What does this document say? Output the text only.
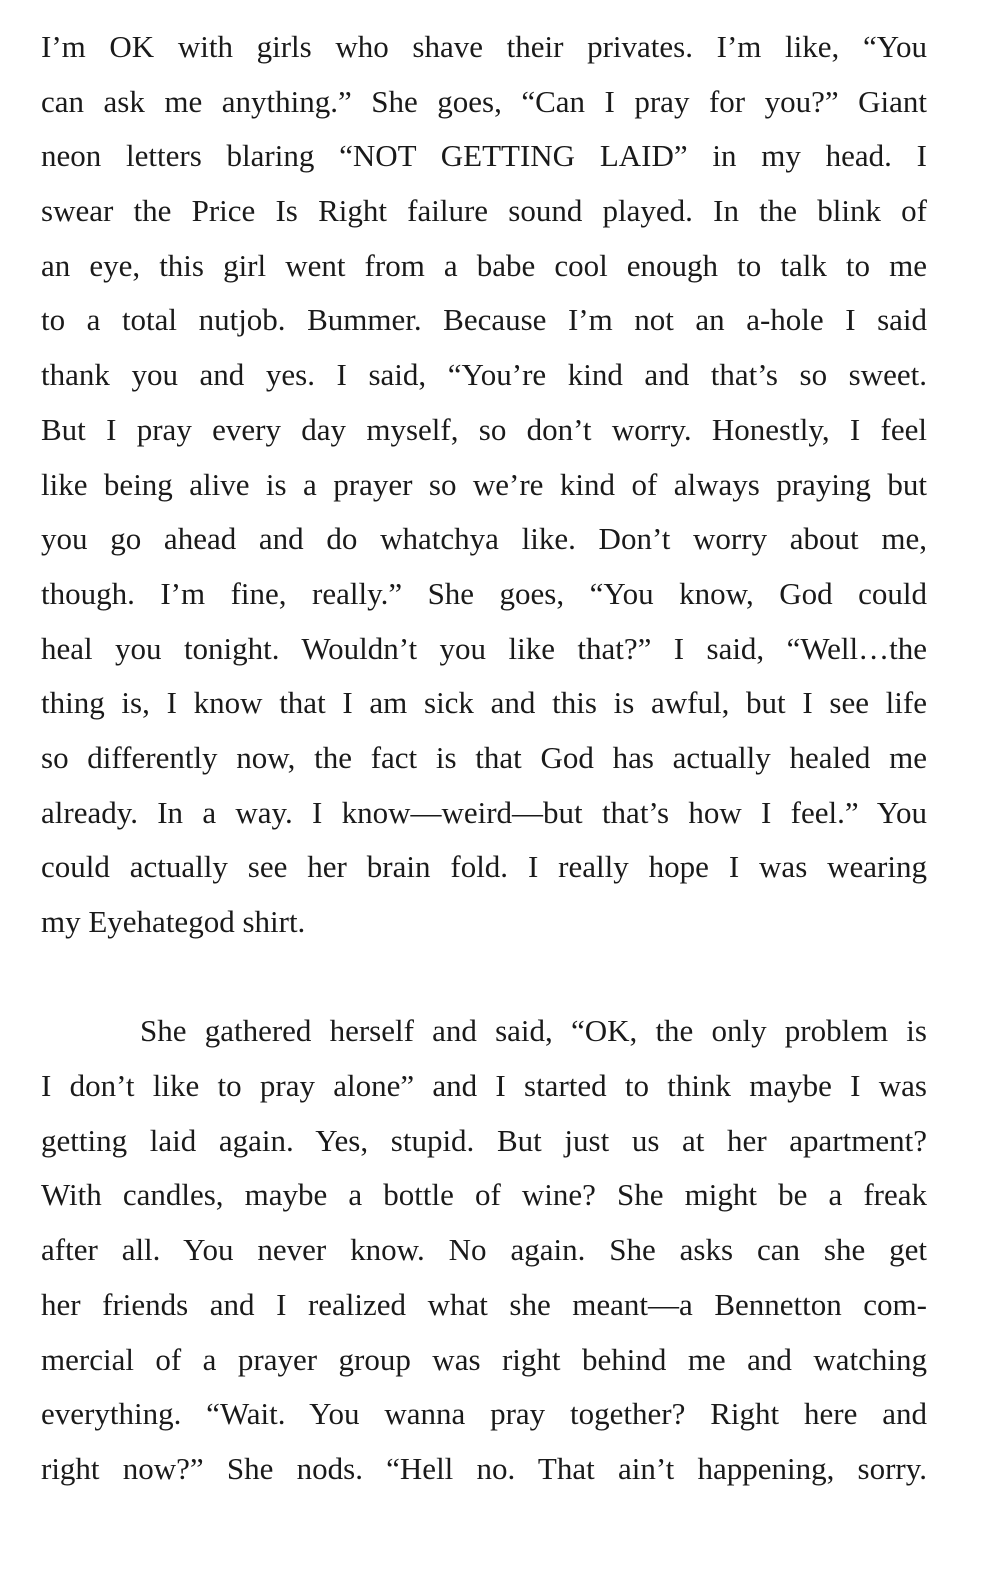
I’m OK with girls who shave their privates. I’m like, “You
can ask me anything.” She goes, “Can I pray for you?” Giant
neon letters blaring “NOT GETTING LAID” in my head. I
swear the Price Is Right failure sound played. In the blink of
an eye, this girl went from a babe cool enough to talk to me
to a total nutjob. Bummer. Because I’m not an a-hole I said
thank you and yes. I said, “You’re kind and that’s so sweet.
But I pray every day myself, so don’t worry. Honestly, I feel
like being alive is a prayer so we’re kind of always praying but
you go ahead and do whatchya like. Don’t worry about me,
though. I’m fine, really.” She goes, “You know, God could
heal you tonight. Wouldn’t you like that?” I said, “Well…the
thing is, I know that I am sick and this is awful, but I see life
so differently now, the fact is that God has actually healed me
already. In a way. I know—weird—but that’s how I feel.” You
could actually see her brain fold. I really hope I was wearing
my Eyehategod shirt.
She gathered herself and said, “OK, the only problem is
I don’t like to pray alone” and I started to think maybe I was
getting laid again. Yes, stupid. But just us at her apartment?
With candles, maybe a bottle of wine? She might be a freak
after all. You never know. No again. She asks can she get
her friends and I realized what she meant—a Bennetton com-
mercial of a prayer group was right behind me and watching
everything. “Wait. You wanna pray together? Right here and
right now?” She nods. “Hell no. That ain’t happening, sorry.
